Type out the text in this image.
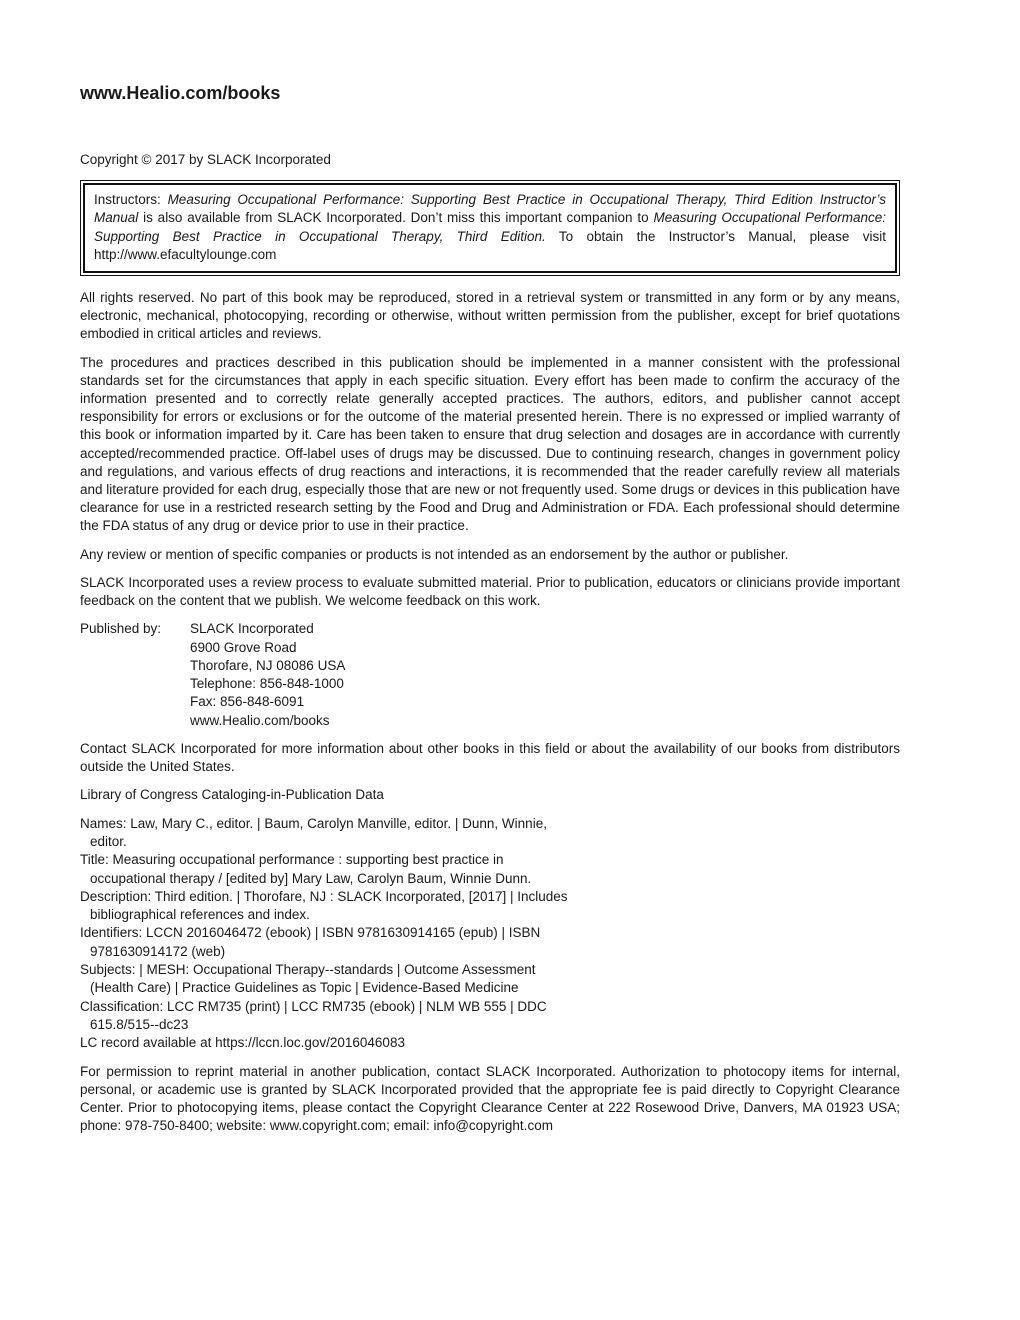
www.Healio.com/books
Copyright © 2017 by SLACK Incorporated
Instructors: Measuring Occupational Performance: Supporting Best Practice in Occupational Therapy, Third Edition Instructor’s Manual is also available from SLACK Incorporated. Don’t miss this important companion to Measuring Occupational Performance: Supporting Best Practice in Occupational Therapy, Third Edition. To obtain the Instructor’s Manual, please visit http://www.efacultylounge.com

All rights reserved. No part of this book may be reproduced, stored in a retrieval system or transmitted in any form or by any means, electronic, mechanical, photocopying, recording or otherwise, without written permission from the publisher, except for brief quotations embodied in critical articles and reviews.

The procedures and practices described in this publication should be implemented in a manner consistent with the professional standards set for the circumstances that apply in each specific situation. Every effort has been made to confirm the accuracy of the information presented and to correctly relate generally accepted practices. The authors, editors, and publisher cannot accept responsibility for errors or exclusions or for the outcome of the material presented herein. There is no expressed or implied warranty of this book or information imparted by it. Care has been taken to ensure that drug selection and dosages are in accordance with currently accepted/recommended practice. Off-label uses of drugs may be discussed. Due to continuing research, changes in government policy and regulations, and various effects of drug reactions and interactions, it is recommended that the reader carefully review all materials and literature provided for each drug, especially those that are new or not frequently used. Some drugs or devices in this publication have clearance for use in a restricted research setting by the Food and Drug and Administration or FDA. Each professional should determine the FDA status of any drug or device prior to use in their practice.

Any review or mention of specific companies or products is not intended as an endorsement by the author or publisher.

SLACK Incorporated uses a review process to evaluate submitted material. Prior to publication, educators or clinicians provide important feedback on the content that we publish. We welcome feedback on this work.

Published by:	SLACK Incorporated
6900 Grove Road
Thorofare, NJ 08086 USA
Telephone: 856-848-1000
Fax: 856-848-6091
www.Healio.com/books

Contact SLACK Incorporated for more information about other books in this field or about the availability of our books from distributors outside the United States.

Library of Congress Cataloging-in-Publication Data

Names: Law, Mary C., editor. | Baum, Carolyn Manville, editor. | Dunn, Winnie, editor.
Title: Measuring occupational performance : supporting best practice in occupational therapy / [edited by] Mary Law, Carolyn Baum, Winnie Dunn.
Description: Third edition. | Thorofare, NJ : SLACK Incorporated, [2017] | Includes bibliographical references and index.
Identifiers: LCCN 2016046472 (ebook) | ISBN 9781630914165 (epub) | ISBN 9781630914172 (web)
Subjects: | MESH: Occupational Therapy--standards | Outcome Assessment (Health Care) | Practice Guidelines as Topic | Evidence-Based Medicine
Classification: LCC RM735 (print) | LCC RM735 (ebook) | NLM WB 555 | DDC 615.8/515--dc23
LC record available at https://lccn.loc.gov/2016046083

For permission to reprint material in another publication, contact SLACK Incorporated. Authorization to photocopy items for internal, personal, or academic use is granted by SLACK Incorporated provided that the appropriate fee is paid directly to Copyright Clearance Center. Prior to photocopying items, please contact the Copyright Clearance Center at 222 Rosewood Drive, Danvers, MA 01923 USA; phone: 978-750-8400; website: www.copyright.com; email: info@copyright.com
